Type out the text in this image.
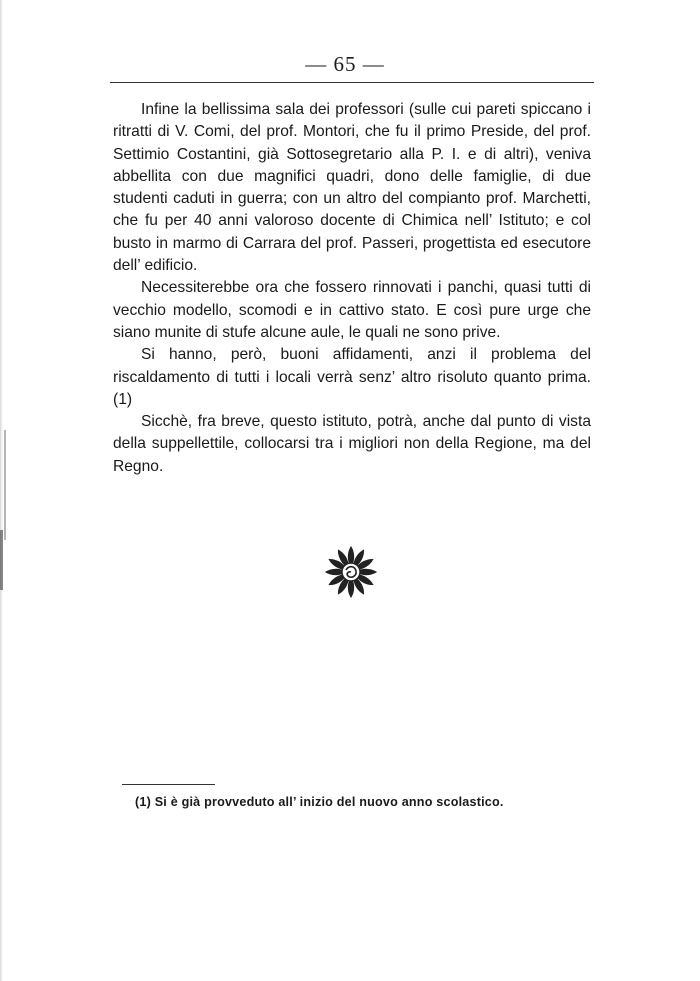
— 65 —

Infine la bellissima sala dei professori (sulle cui pareti spiccano i ritratti di V. Comi, del prof. Montori, che fu il primo Preside, del prof. Settimio Costantini, già Sottosegretario alla P. I. e di altri), veniva abbellita con due magnifici quadri, dono delle famiglie, di due studenti caduti in guerra; con un altro del compianto prof. Marchetti, che fu per 40 anni valoroso docente di Chimica nell’ Istituto; e col busto in marmo di Carrara del prof. Passeri, progettista ed esecutore dell’ edificio.

Necessiterebbe ora che fossero rinnovati i panchi, quasi tutti di vecchio modello, scomodi e in cattivo stato. E così pure urge che siano munite di stufe alcune aule, le quali ne sono prive.

Si hanno, però, buoni affidamenti, anzi il problema del riscaldamento di tutti i locali verrà senz’ altro risoluto quanto prima. (1)

Sicchè, fra breve, questo istituto, potrà, anche dal punto di vista della suppellettile, collocarsi tra i migliori non della Regione, ma del Regno.

(1) Si è già provveduto all’ inizio del nuovo anno scolastico.
